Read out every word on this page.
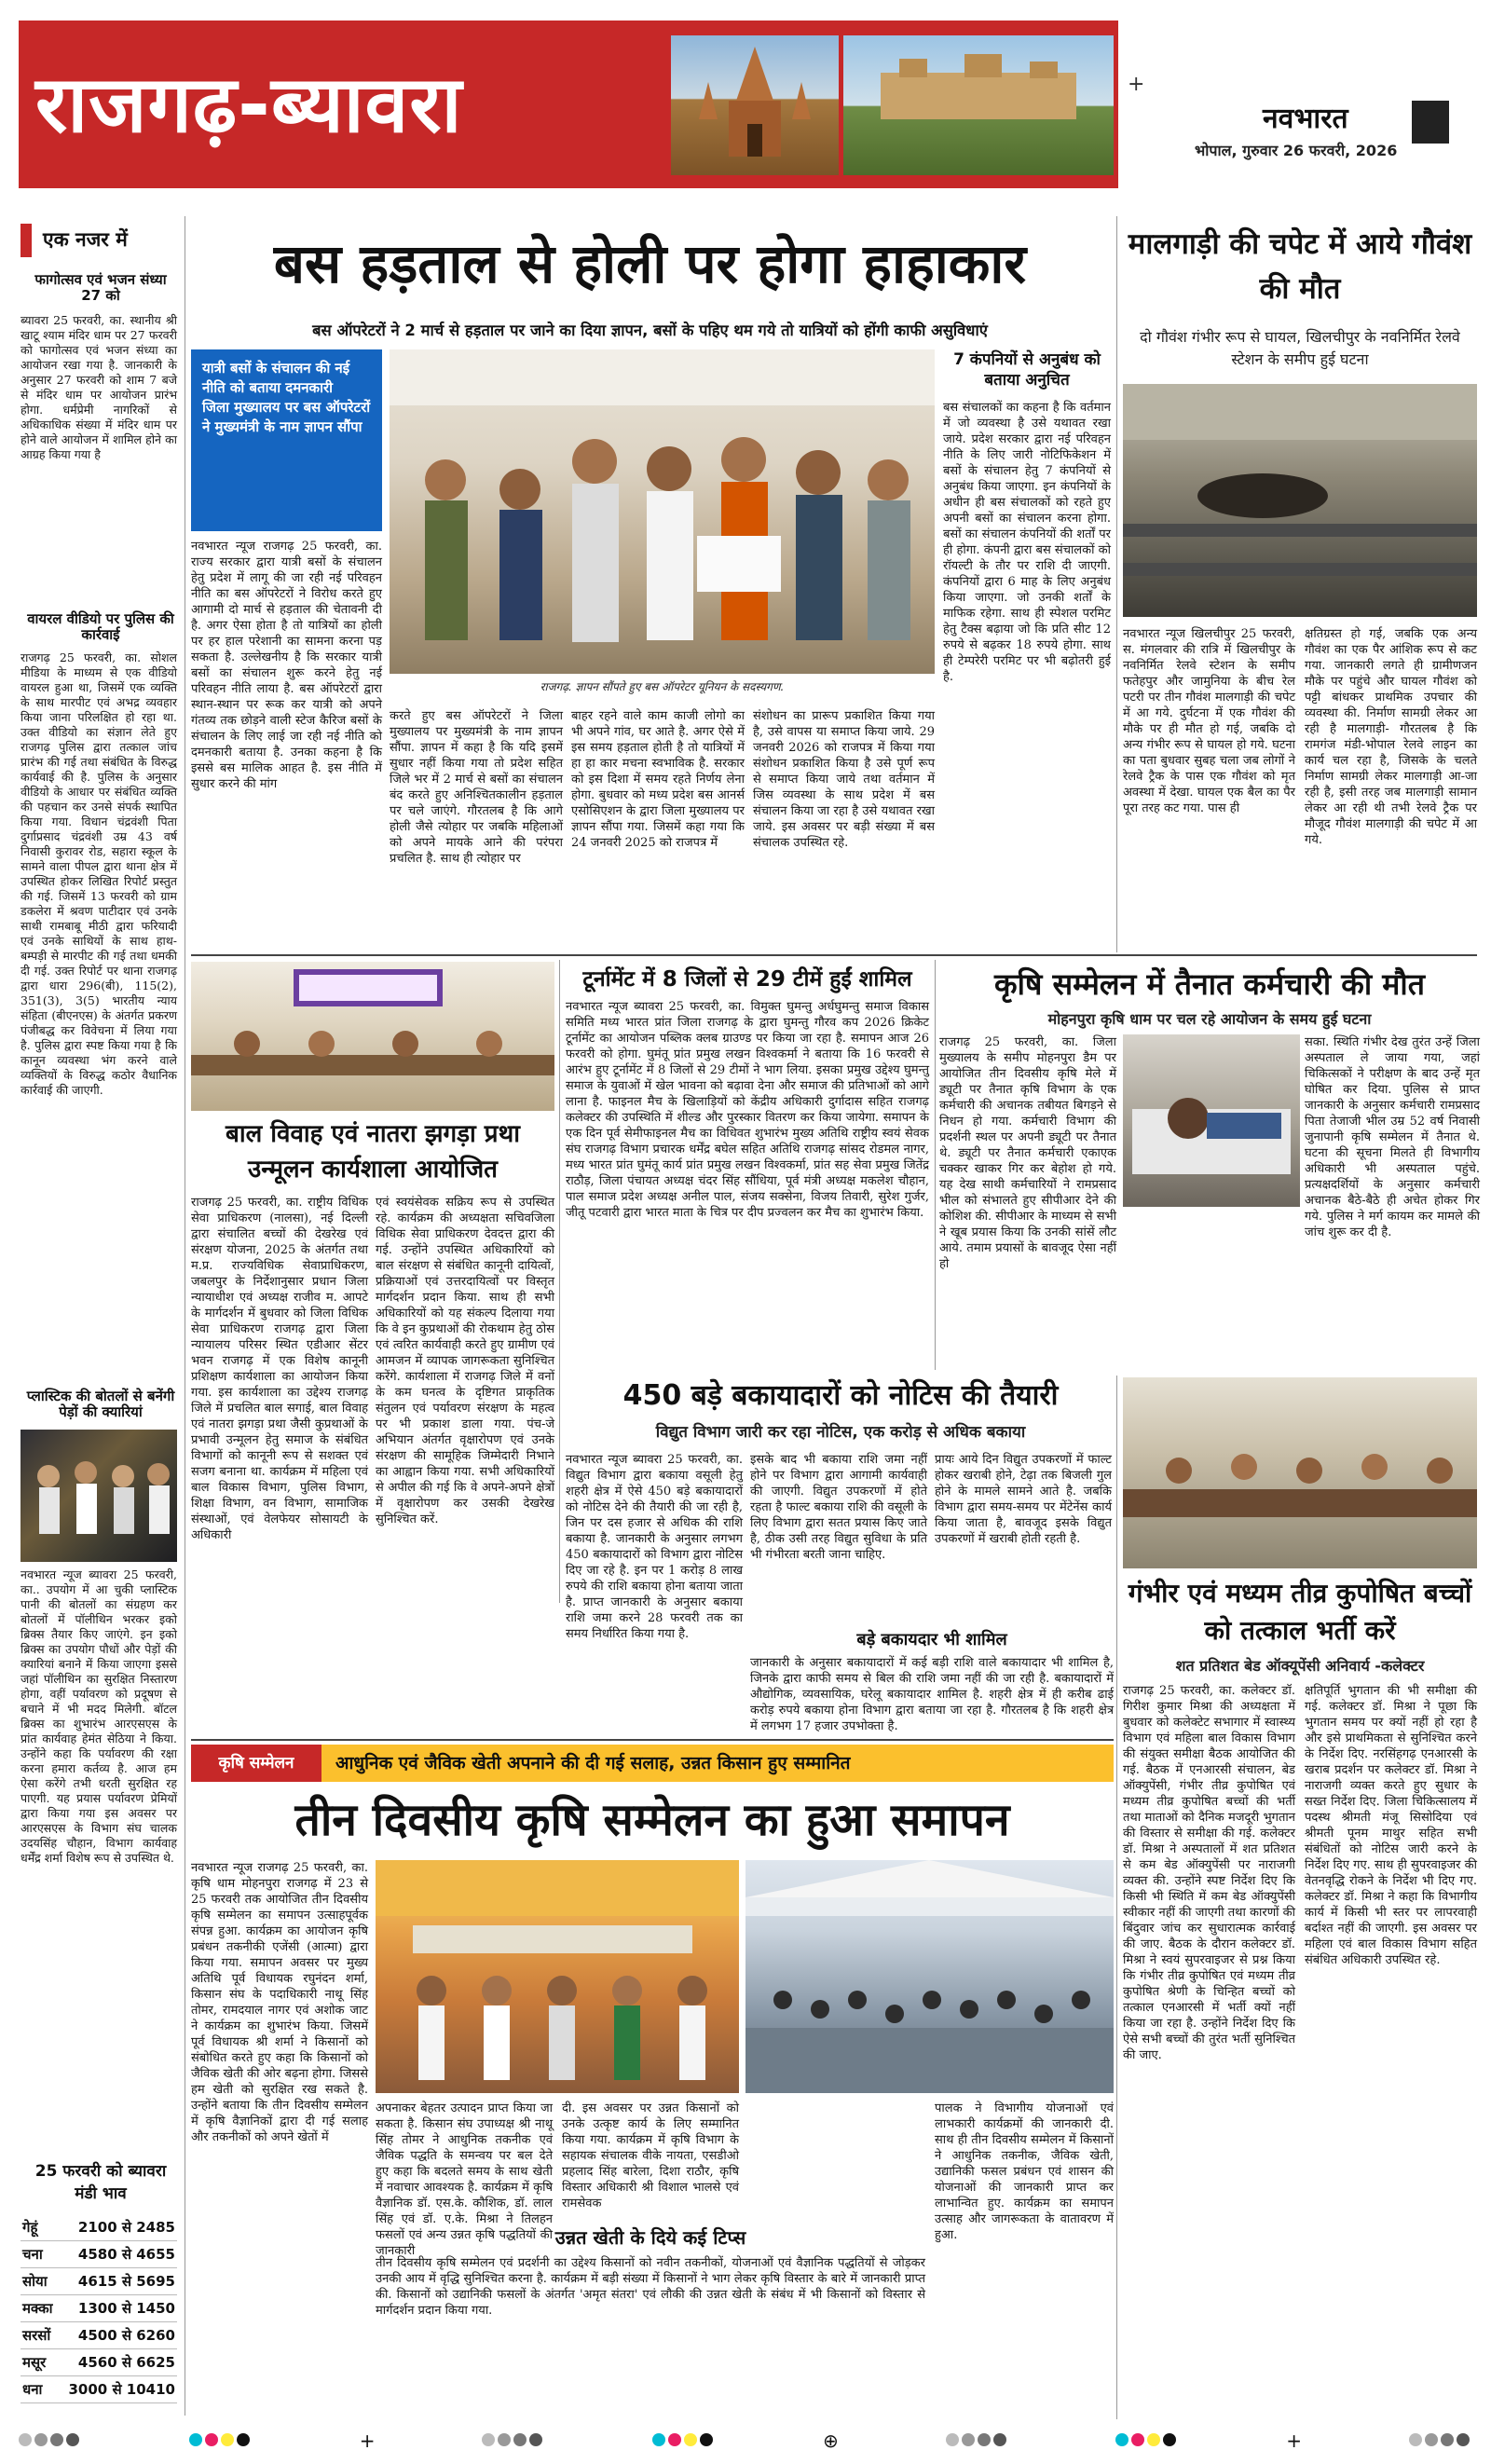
राजगढ़-ब्यावरा	+
नवभारत
भोपाल, गुरुवार 26 फरवरी, 2026
एक नजर में
फागोत्सव एवं भजन संध्या 27 को
ब्यावरा 25 फरवरी, का. स्थानीय श्री खाटू श्याम मंदिर धाम पर 27 फरवरी को फागोत्सव एवं भजन संध्या का आयोजन रखा गया है. जानकारी के अनुसार 27 फरवरी को शाम 7 बजे से मंदिर धाम पर आयोजन प्रारंभ होगा. धर्मप्रेमी नागरिकों से अधिकाधिक संख्या में मंदिर धाम पर होने वाले आयोजन में शामिल होने का आग्रह किया गया है
वायरल वीडियो पर पुलिस की कार्रवाई
राजगढ़ 25 फरवरी, का. सोशल मीडिया के माध्यम से एक वीडियो वायरल हुआ था, जिसमें एक व्यक्ति के साथ मारपीट एवं अभद्र व्यवहार किया जाना परिलक्षित हो रहा था. उक्त वीडियो का संज्ञान लेते हुए राजगढ़ पुलिस द्वारा तत्काल जांच प्रारंभ की गई तथा संबंधित के विरुद्ध कार्यवाई की है. पुलिस के अनुसार वीडियो के आधार पर संबंधित व्यक्ति की पहचान कर उनसे संपर्क स्थापित किया गया. विधान चंद्रवंशी पिता दुर्गाप्रसाद चंद्रवंशी उम्र 43 वर्ष निवासी कुरावर रोड, सहारा स्कूल के सामने वाला पीपल द्वारा थाना क्षेत्र में उपस्थित होकर लिखित रिपोर्ट प्रस्तुत की गई. जिसमें 13 फरवरी को ग्राम डकलेरा में श्रवण पाटीदार एवं उनके साथी रामबाबू मीठी द्वारा फरियादी एवं उनके साथियों के साथ हाथ-बम्पड़ी से मारपीट की गई तथा धमकी दी गई. उक्त रिपोर्ट पर थाना राजगढ़ द्वारा धारा 296(बी), 115(2), 351(3), 3(5) भारतीय न्याय संहिता (बीएनएस) के अंतर्गत प्रकरण पंजीबद्ध कर विवेचना में लिया गया है. पुलिस द्वारा स्पष्ट किया गया है कि कानून व्यवस्था भंग करने वाले व्यक्तियों के विरुद्ध कठोर वैधानिक कार्रवाई की जाएगी.
प्लास्टिक की बोतलों से बनेंगी पेड़ों की क्यारियां
नवभारत न्यूज ब्यावरा 25 फरवरी, का.. उपयोग में आ चुकी प्लास्टिक पानी की बोतलों का संग्रहण कर बोतलों में पॉलीथिन भरकर इको ब्रिक्स तैयार किए जाएंगे. इन इको ब्रिक्स का उपयोग पौधों और पेड़ों की क्यारियां बनाने में किया जाएगा इससे जहां पॉलीथिन का सुरक्षित निस्तारण होगा, वहीं पर्यावरण को प्रदूषण से बचाने में भी मदद मिलेगी. बॉटल ब्रिक्स का शुभारंभ आरएसएस के प्रांत कार्यवाह हेमंत सेठिया ने किया. उन्होंने कहा कि पर्यावरण की रक्षा करना हमारा कर्तव्य है. आज हम ऐसा करेंगे तभी धरती सुरक्षित रह पाएगी. यह प्रयास पर्यावरण प्रेमियों द्वारा किया गया इस अवसर पर आरएसएस के विभाग संघ चालक उदयसिंह चौहान, विभाग कार्यवाह धर्मेंद्र शर्मा विशेष रूप से उपस्थित थे.
25 फरवरी को ब्यावरा मंडी भाव
गेहूं	2100 से 2485
चना	4580 से 4655
सोया 4615 से 5695
मक्का 1300 से 1450
सरसों 4500 से 6260
मसूर 4560 से 6625
धना 3000 से 10410
बस हड़ताल से होली पर होगा हाहाकार
बस ऑपरेटरों ने 2 मार्च से हड़ताल पर जाने का दिया ज्ञापन, बसों के पहिए थम गये तो यात्रियों को होंगी काफी असुविधाएं
यात्री बसों के संचालन की नई नीति को बताया दमनकारी
जिला मुख्यालय पर बस ऑपरेटरों ने मुख्यमंत्री के नाम ज्ञापन सौंपा
राजगढ़. ज्ञापन सौंपते हुए बस ऑपरेटर यूनियन के सदस्यगण.
7 कंपनियों से अनुबंध को बताया अनुचित
बस संचालकों का कहना है कि वर्तमान में जो व्यवस्था है उसे यथावत रखा जाये. प्रदेश सरकार द्वारा नई परिवहन नीति के लिए जारी नोटिफिकेशन में बसों के संचालन हेतु 7 कंपनियों से अनुबंध किया जाएगा. इन कंपनियों के अधीन ही बस संचालकों को रहते हुए अपनी बसों का संचालन करना होगा. बसों का संचालन कंपनियों की शर्तों पर ही होगा. कंपनी द्वारा बस संचालकों को रॉयल्टी के तौर पर राशि दी जाएगी. कंपनियों द्वारा 6 माह के लिए अनुबंध किया जाएगा. जो उनकी शर्तों के माफिक रहेगा. साथ ही स्पेशल परमिट हेतु टैक्स बढ़ाया जो कि प्रति सीट 12 रुपये से बढ़कर 18 रुपये होगा. साथ ही टेम्परेरी परमिट पर भी बढ़ोतरी हुई है.
नवभारत न्यूज राजगढ़ 25 फरवरी, का. राज्य सरकार द्वारा यात्री बसों के संचालन हेतु प्रदेश में लागू की जा रही नई परिवहन नीति का बस ऑपरेटरों ने विरोध करते हुए आगामी दो मार्च से हड़ताल की चेतावनी दी है. अगर ऐसा होता है तो यात्रियों का होली पर हर हाल परेशानी का सामना करना पड़ सकता है. उल्लेखनीय है कि सरकार यात्री बसों का संचालन शुरू करने हेतु नई परिवहन नीति लाया है. बस ऑपरेटरों द्वारा स्थान-स्थान पर रूक कर यात्री को अपने गंतव्य तक छोड़ने वाली स्टेज कैरिज बसों के संचालन के लिए लाई जा रही नई नीति को दमनकारी बताया है. उनका कहना है कि इससे बस मालिक आहत है. इस नीति में सुधार करने की मांग
करते हुए बस ऑपरेटरों ने जिला मुख्यालय पर मुख्यमंत्री के नाम ज्ञापन सौंपा. ज्ञापन में कहा है कि यदि इसमें सुधार नहीं किया गया तो प्रदेश सहित जिले भर में 2 मार्च से बसों का संचालन बंद करते हुए अनिश्चितकालीन हड़ताल पर चले जाएंगे. गौरतलब है कि आगे होली जैसे त्योहार पर जबकि महिलाओं को अपने मायके आने की परंपरा प्रचलित है. साथ ही त्योहार पर
बाहर रहने वाले काम काजी लोगो का भी अपने गांव, घर आते है. अगर ऐसे में इस समय हड़ताल होती है तो यात्रियों में हा हा कार मचना स्वभाविक है. सरकार को इस दिशा में समय रहते निर्णय लेना होगा. बुधवार को मध्य प्रदेश बस आनर्स एसोसिएशन के द्वारा जिला मुख्यालय पर ज्ञापन सौंपा गया. जिसमें कहा गया कि 24 जनवरी 2025 को राजपत्र में
संशोधन का प्रारूप प्रकाशित किया गया है, उसे वापस या समाप्त किया जाये. 29 जनवरी 2026 को राजपत्र में किया गया संशोधन प्रकाशित किया है उसे पूर्ण रूप से समाप्त किया जाये तथा वर्तमान में जिस व्यवस्था के साथ प्रदेश में बस संचालन किया जा रहा है उसे यथावत रखा जाये. इस अवसर पर बड़ी संख्या में बस संचालक उपस्थित रहे.
मालगाड़ी की चपेट में आये गौवंश की मौत
दो गौवंश गंभीर रूप से घायल, खिलचीपुर के नवनिर्मित रेलवे स्टेशन के समीप हुई घटना
नवभारत न्यूज खिलचीपुर 25 फरवरी, स. मंगलवार की रात्रि में खिलचीपुर के नवनिर्मित रेलवे स्टेशन के समीप फतेहपुर और जामुनिया के बीच रेल पटरी पर तीन गौवंश मालगाड़ी की चपेट में आ गये. दुर्घटना में एक गौवंश की मौके पर ही मौत हो गई, जबकि दो अन्य गंभीर रूप से घायल हो गये. घटना का पता बुधवार सुबह चला जब लोगों ने रेलवे ट्रैक के पास एक गौवंश को मृत अवस्था में देखा. घायल एक बैल का पैर पूरा तरह कट गया. पास ही
क्षतिग्रस्त हो गई, जबकि एक अन्य गौवंश का एक पैर आंशिक रूप से कट गया. जानकारी लगते ही ग्रामीणजन मौके पर पहुंचे और घायल गौवंश को पट्टी बांधकर प्राथमिक उपचार की व्यवस्था की. निर्माण सामग्री लेकर आ रही है मालगाड़ी- गौरतलब है कि रामगंज मंडी-भोपाल रेलवे लाइन का कार्य चल रहा है, जिसके के चलते निर्माण सामग्री लेकर मालगाड़ी आ-जा रही है, इसी तरह जब मालगाड़ी सामान लेकर आ रही थी तभी रेलवे ट्रैक पर मौजूद गौवंश मालगाड़ी की चपेट में आ गये.
बाल विवाह एवं नातरा झगड़ा प्रथा उन्मूलन कार्यशाला आयोजित
राजगढ़ 25 फरवरी, का. राष्ट्रीय विधिक सेवा प्राधिकरण (नालसा), नई दिल्ली द्वारा संचालित बच्चों की देखरेख एवं संरक्षण योजना, 2025 के अंतर्गत तथा म.प्र. राज्यविधिक सेवाप्राधिकरण, जबलपुर के निर्देशानुसार प्रधान जिला न्यायाधीश एवं अध्यक्ष राजीव म. आपटे के मार्गदर्शन में बुधवार को जिला विधिक सेवा प्राधिकरण राजगढ़ द्वारा जिला न्यायालय परिसर स्थित एडीआर सेंटर भवन राजगढ़ में एक विशेष कानूनी प्रशिक्षण कार्यशाला का आयोजन किया गया. इस कार्यशाला का उद्देश्य राजगढ़ जिले में प्रचलित बाल सगाई, बाल विवाह एवं नातरा झगड़ा प्रथा जैसी कुप्रथाओं के प्रभावी उन्मूलन हेतु समाज के संबंधित विभागों को कानूनी रूप से सशक्त एवं सजग बनाना था. कार्यक्रम में महिला एवं बाल विकास विभाग, पुलिस विभाग, शिक्षा विभाग, वन विभाग, सामाजिक संस्थाओं, एवं वेलफेयर सोसायटी के अधिकारी
एवं स्वयंसेवक सक्रिय रूप से उपस्थित रहे. कार्यक्रम की अध्यक्षता सचिवजिला विधिक सेवा प्राधिकरण देवदत्त द्वारा की गई. उन्होंने उपस्थित अधिकारियों को बाल संरक्षण से संबंधित कानूनी दायित्वों, प्रक्रियाओं एवं उत्तरदायित्वों पर विस्तृत मार्गदर्शन प्रदान किया. साथ ही सभी अधिकारियों को यह संकल्प दिलाया गया कि वे इन कुप्रथाओं की रोकथाम हेतु ठोस एवं त्वरित कार्यवाही करते हुए ग्रामीण एवं आमजन में व्यापक जागरूकता सुनिश्चित करेंगे. कार्यशाला में राजगढ़ जिले में वनों के कम घनत्व के दृष्टिगत प्राकृतिक संतुलन एवं पर्यावरण संरक्षण के महत्व पर भी प्रकाश डाला गया. पंच-जे अभियान अंतर्गत वृक्षारोपण एवं उनके संरक्षण की सामूहिक जिम्मेदारी निभाने का आह्वान किया गया. सभी अधिकारियों से अपील की गई कि वे अपने-अपने क्षेत्रों में वृक्षारोपण कर उसकी देखरेख सुनिश्चित करें.
टूर्नामेंट में 8 जिलों से 29 टीमें हुईं शामिल
नवभारत न्यूज ब्यावरा 25 फरवरी, का. विमुक्त घुमन्तु अर्धघुमन्तु समाज विकास समिति मध्य भारत प्रांत जिला राजगढ़ के द्वारा घुमन्तु गौरव कप 2026 क्रिकेट टूर्नामेंट का आयोजन पब्लिक क्लब ग्राउण्ड पर किया जा रहा है. समापन आज 26 फरवरी को होगा. घुमंतू प्रांत प्रमुख लखन विश्वकर्मा ने बताया कि 16 फरवरी से आरंभ हुए टूर्नामेंट में 8 जिलों से 29 टीमों ने भाग लिया. इसका प्रमुख उद्देश्य घुमन्तु समाज के युवाओं में खेल भावना को बढ़ावा देना और समाज की प्रतिभाओं को आगे लाना है. फाइनल मैच के खिलाड़ियों को केंद्रीय अधिकारी दुर्गादास सहित राजगढ़ कलेक्टर की उपस्थिति में शील्ड और पुरस्कार वितरण कर किया जायेगा. समापन के एक दिन पूर्व सेमीफाइनल मैच का विधिवत शुभारंभ मुख्य अतिथि राष्ट्रीय स्वयं सेवक संघ राजगढ़ विभाग प्रचारक धर्मेंद्र बघेल सहित अतिथि राजगढ़ सांसद रोडमल नागर, मध्य भारत प्रांत घुमंतू कार्य प्रांत प्रमुख लखन विश्वकर्मा, प्रांत सह सेवा प्रमुख जितेंद्र राठौड़, जिला पंचायत अध्यक्ष चंदर सिंह सौंधिया, पूर्व मंत्री अध्यक्ष मकलेश चौहान, पाल समाज प्रदेश अध्यक्ष अनील पाल, संजय सक्सेना, विजय तिवारी, सुरेश गुर्जर, जीतू पटवारी द्वारा भारत माता के चित्र पर दीप प्रज्वलन कर मैच का शुभारंभ किया.
कृषि सम्मेलन में तैनात कर्मचारी की मौत
मोहनपुरा कृषि धाम पर चल रहे आयोजन के समय हुई घटना
राजगढ़ 25 फरवरी, का. जिला मुख्यालय के समीप मोहनपुरा डैम पर आयोजित तीन दिवसीय कृषि मेले में ड्यूटी पर तैनात कृषि विभाग के एक कर्मचारी की अचानक तबीयत बिगड़ने से निधन हो गया. कर्मचारी विभाग की प्रदर्शनी स्थल पर अपनी ड्यूटी पर तैनात थे. ड्यूटी पर तैनात कर्मचारी एकाएक चक्कर खाकर गिर कर बेहोश हो गये. यह देख साथी कर्मचारियों ने रामप्रसाद भील को संभालते हुए सीपीआर देने की कोशिश की. सीपीआर के माध्यम से सभी ने खूब प्रयास किया कि उनकी सांसें लौट आये. तमाम प्रयासों के बावजूद ऐसा नहीं हो
सका. स्थिति गंभीर देख तुरंत उन्हें जिला अस्पताल ले जाया गया, जहां चिकित्सकों ने परीक्षण के बाद उन्हें मृत घोषित कर दिया. पुलिस से प्राप्त जानकारी के अनुसार कर्मचारी रामप्रसाद पिता तेजाजी भील उम्र 52 वर्ष निवासी जुनापानी कृषि सम्मेलन में तैनात थे. घटना की सूचना मिलते ही विभागीय अधिकारी भी अस्पताल पहुंचे. प्रत्यक्षदर्शियों के अनुसार कर्मचारी अचानक बैठे-बैठे ही अचेत होकर गिर गये. पुलिस ने मर्ग कायम कर मामले की जांच शुरू कर दी है.
450 बड़े बकायादारों को नोटिस की तैयारी
विद्युत विभाग जारी कर रहा नोटिस, एक करोड़ से अधिक बकाया
नवभारत न्यूज ब्यावरा 25 फरवरी, का. विद्युत विभाग द्वारा बकाया वसूली हेतु शहरी क्षेत्र में ऐसे 450 बड़े बकायादारों को नोटिस देने की तैयारी की जा रही है, जिन पर दस हजार से अधिक की राशि बकाया है. जानकारी के अनुसार लगभग 450 बकायादारों को विभाग द्वारा नोटिस दिए जा रहे है. इन पर 1 करोड़ 8 लाख रुपये की राशि बकाया होना बताया जाता है. प्राप्त जानकारी के अनुसार बकाया राशि जमा करने 28 फरवरी तक का समय निर्धारित किया गया है.
इसके बाद भी बकाया राशि जमा नहीं होने पर विभाग द्वारा आगामी कार्यवाही की जाएगी. विद्युत उपकरणों में होते रहता है फाल्ट बकाया राशि की वसूली के लिए विभाग द्वारा सतत प्रयास किए जाते है, ठीक उसी तरह विद्युत सुविधा के प्रति भी गंभीरता बरती जाना चाहिए.
प्रायः आये दिन विद्युत उपकरणों में फाल्ट होकर खराबी होने, टेढ़ा तक बिजली गुल होने के मामले सामने आते है. जबकि विभाग द्वारा समय-समय पर मेंटेनेंस कार्य किया जाता है, बावजूद इसके विद्युत उपकरणों में खराबी होती रहती है.
बड़े बकायदार भी शामिल
जानकारी के अनुसार बकायादारों में कई बड़ी राशि वाले बकायादार भी शामिल है, जिनके द्वारा काफी समय से बिल की राशि जमा नहीं की जा रही है. बकायादारों में औद्योगिक, व्यवसायिक, घरेलू बकायादार शामिल है. शहरी क्षेत्र में ही करीब ढाई करोड़ रुपये बकाया होना विभाग द्वारा बताया जा रहा है. गौरतलब है कि शहरी क्षेत्र में लगभग 17 हजार उपभोक्ता है.
गंभीर एवं मध्यम तीव्र कुपोषित बच्चों को तत्काल भर्ती करें
शत प्रतिशत बेड ऑक्यूपेंसी अनिवार्य -कलेक्टर
राजगढ़ 25 फरवरी, का. कलेक्टर डॉ. गिरीश कुमार मिश्रा की अध्यक्षता में बुधवार को कलेक्टेट सभागार में स्वास्थ्य विभाग एवं महिला बाल विकास विभाग की संयुक्त समीक्षा बैठक आयोजित की गई. बैठक में एनआरसी संचालन, बेड ऑक्युपेंसी, गंभीर तीव्र कुपोषित एवं मध्यम तीव्र कुपोषित बच्चों की भर्ती तथा माताओं को दैनिक मजदूरी भुगतान की विस्तार से समीक्षा की गई. कलेक्टर डॉ. मिश्रा ने अस्पतालों में शत प्रतिशत से कम बेड ऑक्युपेंसी पर नाराजगी व्यक्त की. उन्होंने स्पष्ट निर्देश दिए कि किसी भी स्थिति में कम बेड ऑक्युपेंसी स्वीकार नहीं की जाएगी तथा कारणों की बिंदुवार जांच कर सुधारात्मक कार्रवाई की जाए. बैठक के दौरान कलेक्टर डॉ. मिश्रा ने स्वयं सुपरवाइजर से प्रश्न किया कि गंभीर तीव्र कुपोषित एवं मध्यम तीव्र कुपोषित श्रेणी के चिन्हित बच्चों को तत्काल एनआरसी में भर्ती क्यों नहीं किया जा रहा है. उन्होंने निर्देश दिए कि ऐसे सभी बच्चों की तुरंत भर्ती सुनिश्चित की जाए.
क्षतिपूर्ति भुगतान की भी समीक्षा की गई. कलेक्टर डॉ. मिश्रा ने पूछा कि भुगतान समय पर क्यों नहीं हो रहा है और इसे प्राथमिकता से सुनिश्चित करने के निर्देश दिए. नरसिंहगढ़ एनआरसी के खराब प्रदर्शन पर कलेक्टर डॉ. मिश्रा ने नाराजगी व्यक्त करते हुए सुधार के सख्त निर्देश दिए. जिला चिकित्सालय में पदस्थ श्रीमती मंजू सिसोदिया एवं श्रीमती पूनम माथुर सहित सभी संबंधितों को नोटिस जारी करने के निर्देश दिए गए. साथ ही सुपरवाइजर की वेतनवृद्धि रोकने के निर्देश भी दिए गए. कलेक्टर डॉ. मिश्रा ने कहा कि विभागीय कार्य में किसी भी स्तर पर लापरवाही बर्दाश्त नहीं की जाएगी. इस अवसर पर महिला एवं बाल विकास विभाग सहित संबंधित अधिकारी उपस्थित रहे.
कृषि सम्मेलन	आधुनिक एवं जैविक खेती अपनाने की दी गई सलाह, उन्नत किसान हुए सम्मानित
तीन दिवसीय कृषि सम्मेलन का हुआ समापन
नवभारत न्यूज राजगढ़ 25 फरवरी, का. कृषि धाम मोहनपुरा राजगढ़ में 23 से 25 फरवरी तक आयोजित तीन दिवसीय कृषि सम्मेलन का समापन उत्साहपूर्वक संपन्न हुआ. कार्यक्रम का आयोजन कृषि प्रबंधन तकनीकी एजेंसी (आत्मा) द्वारा किया गया. समापन अवसर पर मुख्य अतिथि पूर्व विधायक रघुनंदन शर्मा, किसान संघ के पदाधिकारी नाथू सिंह तोमर, रामदयाल नागर एवं अशोक जाट ने कार्यक्रम का शुभारंभ किया. जिसमें पूर्व विधायक श्री शर्मा ने किसानों को संबोधित करते हुए कहा कि किसानों को जैविक खेती की ओर बढ़ना होगा. जिससे हम खेती को सुरक्षित रख सकते है. उन्होंने बताया कि तीन दिवसीय सम्मेलन में कृषि वैज्ञानिकों द्वारा दी गई सलाह और तकनीकों को अपने खेतों में
अपनाकर बेहतर उत्पादन प्राप्त किया जा सकता है. किसान संघ उपाध्यक्ष श्री नाथू सिंह तोमर ने आधुनिक तकनीक एवं जैविक पद्धति के समन्वय पर बल देते हुए कहा कि बदलते समय के साथ खेती में नवाचार आवश्यक है. कार्यक्रम में कृषि वैज्ञानिक डॉ. एस.के. कौशिक, डॉ. लाल सिंह एवं डॉ. ए.के. मिश्रा ने तिलहन फसलों एवं अन्य उन्नत कृषि पद्धतियों की जानकारी
दी. इस अवसर पर उन्नत किसानों को उनके उत्कृष्ट कार्य के लिए सम्मानित किया गया. कार्यक्रम में कृषि विभाग के सहायक संचालक वीके नायता, एसडीओ प्रहलाद सिंह बारेला, दिशा राठौर, कृषि विस्तार अधिकारी श्री विशाल भालसे एवं रामसेवक
पालक ने विभागीय योजनाओं एवं लाभकारी कार्यक्रमों की जानकारी दी. साथ ही तीन दिवसीय सम्मेलन में किसानों ने आधुनिक तकनीक, जैविक खेती, उद्यानिकी फसल प्रबंधन एवं शासन की योजनाओं की जानकारी प्राप्त कर लाभान्वित हुए. कार्यक्रम का समापन उत्साह और जागरूकता के वातावरण में हुआ.
उन्नत खेती के दिये कई टिप्स
तीन दिवसीय कृषि सम्मेलन एवं प्रदर्शनी का उद्देश्य किसानों को नवीन तकनीकों, योजनाओं एवं वैज्ञानिक पद्धतियों से जोड़कर उनकी आय में वृद्धि सुनिश्चित करना है. कार्यक्रम में बड़ी संख्या में किसानों ने भाग लेकर कृषि विस्तार के बारे में जानकारी प्राप्त की. किसानों को उद्यानिकी फसलों के अंतर्गत 'अमृत संतरा' एवं लौकी की उन्नत खेती के संबंध में भी किसानों को विस्तार से मार्गदर्शन प्रदान किया गया.
+	⊕	+
